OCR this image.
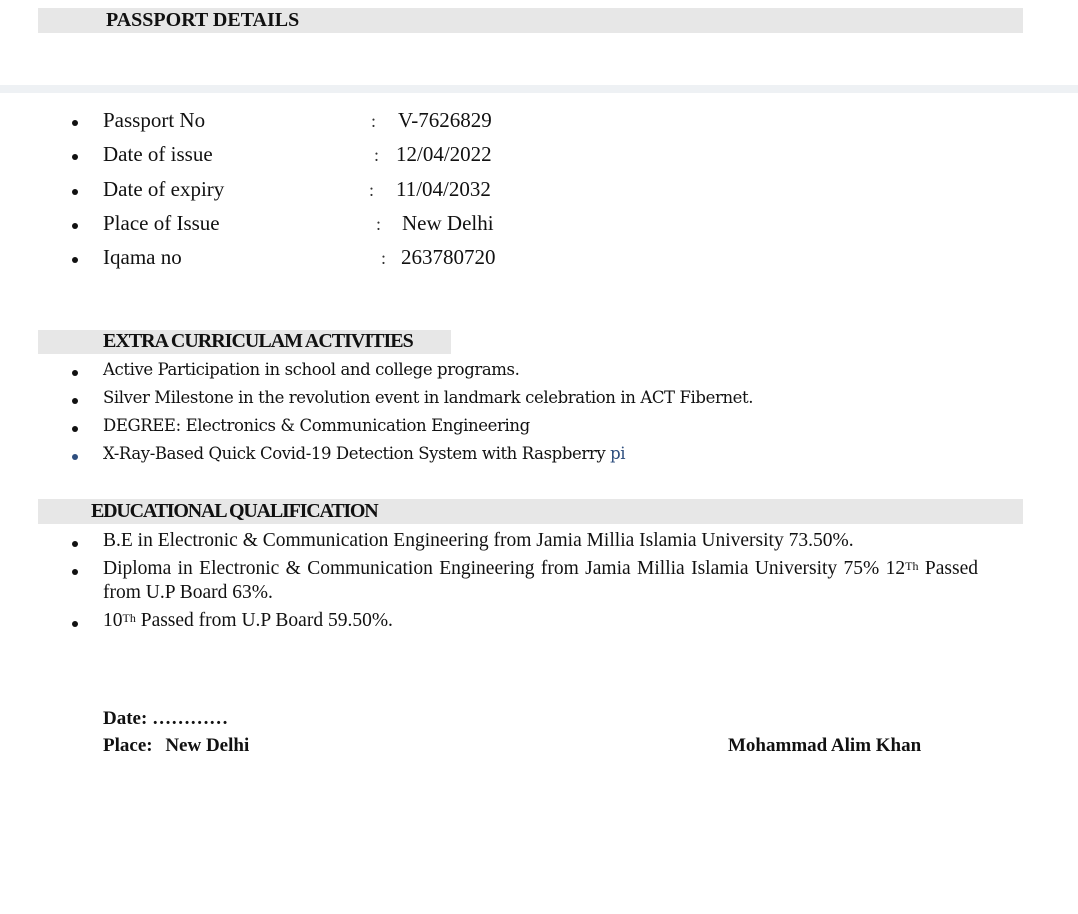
PASSPORT DETAILS
Passport No	: V-7626829
Date of issue	: 12/04/2022
Date of expiry	: 11/04/2032
Place of Issue	: New Delhi
Iqama no	: 263780720
EXTRA CURRICULAM ACTIVITIES
Active Participation in school and college programs.
Silver Milestone in the revolution event in landmark celebration in ACT Fibernet.
DEGREE: Electronics & Communication Engineering
X-Ray-Based Quick Covid-19 Detection System with Raspberry pi
EDUCATIONAL QUALIFICATION
B.E in Electronic & Communication Engineering from Jamia Millia Islamia University 73.50%.
Diploma in Electronic & Communication Engineering from Jamia Millia Islamia University 75% 12Th Passed
from U.P Board 63%.
10Th Passed from U.P Board 59.50%.
Date: …………
Place: New Delhi	Mohammad Alim Khan
